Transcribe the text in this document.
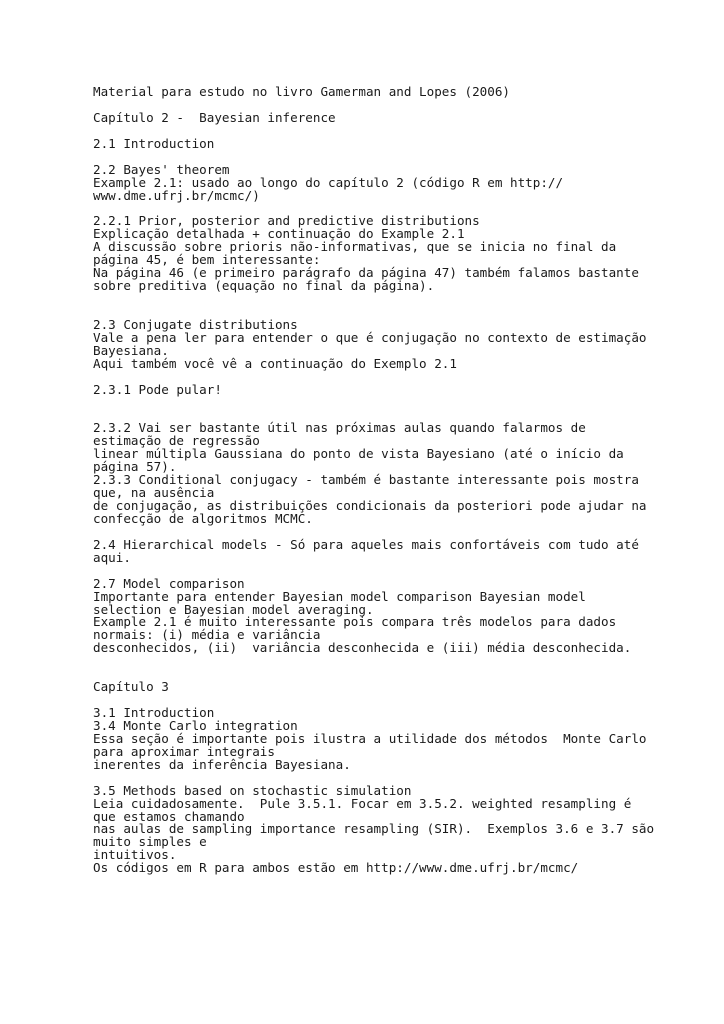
Material para estudo no livro Gamerman and Lopes (2006)
Capítulo 2 -  Bayesian inference
2.1 Introduction
2.2 Bayes' theorem
Example 2.1: usado ao longo do capítulo 2 (código R em http://
www.dme.ufrj.br/mcmc/)
2.2.1 Prior, posterior and predictive distributions
Explicação detalhada + continuação do Example 2.1
A discussão sobre prioris não-informativas, que se inicia no final da
página 45, é bem interessante:
Na página 46 (e primeiro parágrafo da página 47) também falamos bastante
sobre preditiva (equação no final da página).
2.3 Conjugate distributions
Vale a pena ler para entender o que é conjugação no contexto de estimação
Bayesiana.
Aqui também você vê a continuação do Exemplo 2.1
2.3.1 Pode pular!
2.3.2 Vai ser bastante útil nas próximas aulas quando falarmos de
estimação de regressão
linear múltipla Gaussiana do ponto de vista Bayesiano (até o início da
página 57).
2.3.3 Conditional conjugacy - também é bastante interessante pois mostra
que, na ausência
de conjugação, as distribuições condicionais da posteriori pode ajudar na
confecção de algoritmos MCMC.
2.4 Hierarchical models - Só para aqueles mais confortáveis com tudo até
aqui.
2.7 Model comparison
Importante para entender Bayesian model comparison Bayesian model
selection e Bayesian model averaging.
Example 2.1 é muito interessante pois compara três modelos para dados
normais: (i) média e variância
desconhecidos, (ii)  variância desconhecida e (iii) média desconhecida.
Capítulo 3
3.1 Introduction
3.4 Monte Carlo integration
Essa seção é importante pois ilustra a utilidade dos métodos  Monte Carlo
para aproximar integrais
inerentes da inferência Bayesiana.
3.5 Methods based on stochastic simulation
Leia cuidadosamente.  Pule 3.5.1. Focar em 3.5.2. weighted resampling é
que estamos chamando
nas aulas de sampling importance resampling (SIR).  Exemplos 3.6 e 3.7 são
muito simples e
intuitivos.
Os códigos em R para ambos estão em http://www.dme.ufrj.br/mcmc/
